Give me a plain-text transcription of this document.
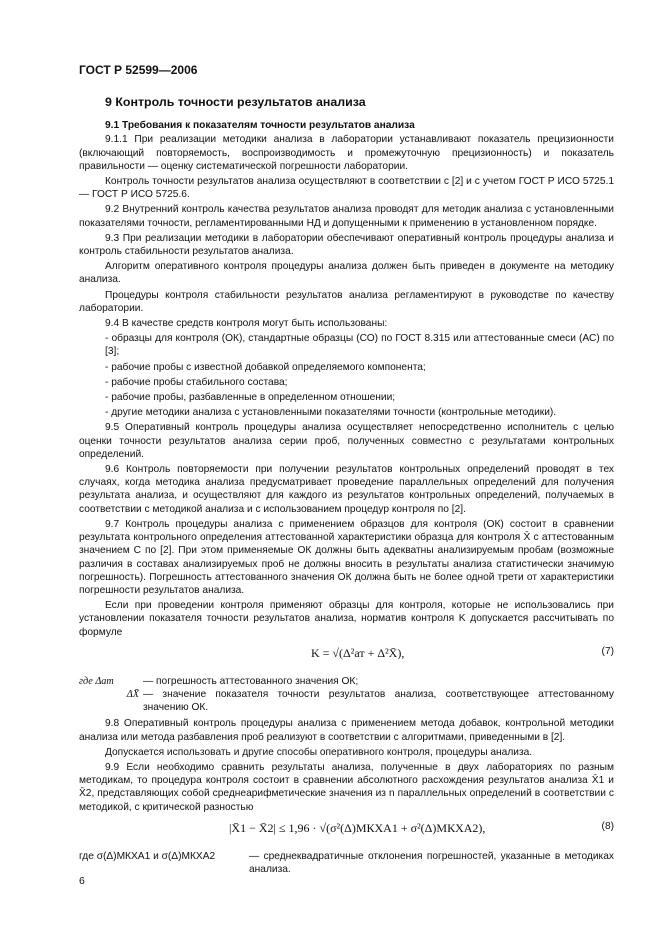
ГОСТ Р 52599—2006
9 Контроль точности результатов анализа
9.1 Требования к показателям точности результатов анализа

9.1.1 При реализации методики анализа в лаборатории устанавливают показатель прецизионности (включающий повторяемость, воспроизводимость и промежуточную прецизионность) и показатель правильности — оценку систематической погрешности лаборатории.

Контроль точности результатов анализа осуществляют в соответствии с [2] и с учетом ГОСТ Р ИСО 5725.1 — ГОСТ Р ИСО 5725.6.

9.2 Внутренний контроль качества результатов анализа проводят для методик анализа с установленными показателями точности, регламентированными НД и допущенными к применению в установленном порядке.

9.3 При реализации методики в лаборатории обеспечивают оперативный контроль процедуры анализа и контроль стабильности результатов анализа.

Алгоритм оперативного контроля процедуры анализа должен быть приведен в документе на методику анализа.

Процедуры контроля стабильности результатов анализа регламентируют в руководстве по качеству лаборатории.

9.4 В качестве средств контроля могут быть использованы:

- образцы для контроля (ОК), стандартные образцы (СО) по ГОСТ 8.315 или аттестованные смеси (АС) по [3];

- рабочие пробы с известной добавкой определяемого компонента;

- рабочие пробы стабильного состава;

- рабочие пробы, разбавленные в определенном отношении;

- другие методики анализа с установленными показателями точности (контрольные методики).

9.5 Оперативный контроль процедуры анализа осуществляет непосредственно исполнитель с целью оценки точности результатов анализа серии проб, полученных совместно с результатами контрольных определений.

9.6 Контроль повторяемости при получении результатов контрольных определений проводят в тех случаях, когда методика анализа предусматривает проведение параллельных определений для получения результата анализа, и осуществляют для каждого из результатов контрольных определений, получаемых в соответствии с методикой анализа и с использованием процедур контроля по [2].

9.7 Контроль процедуры анализа с применением образцов для контроля (ОК) состоит в сравнении результата контрольного определения аттестованной характеристики образца для контроля X̄ с аттестованным значением С по [2]. При этом применяемые ОК должны быть адекватны анализируемым пробам (возможные различия в составах анализируемых проб не должны вносить в результаты анализа статистически значимую погрешность). Погрешность аттестованного значения ОК должна быть не более одной трети от характеристики погрешности результатов анализа.

Если при проведении контроля применяют образцы для контроля, которые не использовались при установлении показателя точности результатов анализа, норматив контроля K допускается рассчитывать по формуле

K = √(Δ²ат + Δ²X̄),	(7)
где Δат	— погрешность аттестованного значения ОК;
ΔX̄ — значение показателя точности результатов анализа, соответствующее аттестованному значению ОК.

9.8 Оперативный контроль процедуры анализа с применением метода добавок, контрольной методики анализа или метода разбавления проб реализуют в соответствии с алгоритмами, приведенными в [2].

Допускается использовать и другие способы оперативного контроля, процедуры анализа.

9.9 Если необходимо сравнить результаты анализа, полученные в двух лабораториях по разным методикам, то процедура контроля состоит в сравнении абсолютного расхождения результатов анализа X̄1 и X̄2, представляющих собой среднеарифметические значения из n параллельных определений в соответствии с методикой, с критической разностью

|X̄1 − X̄2| ≤ 1,96 · √(σ²(Δ)МКХА1 + σ²(Δ)МКХА2),	(8)
где σ(Δ)МКХА1 и σ(Δ)МКХА2	— среднеквадратичные отклонения погрешностей, указанные в методиках анализа.
6
